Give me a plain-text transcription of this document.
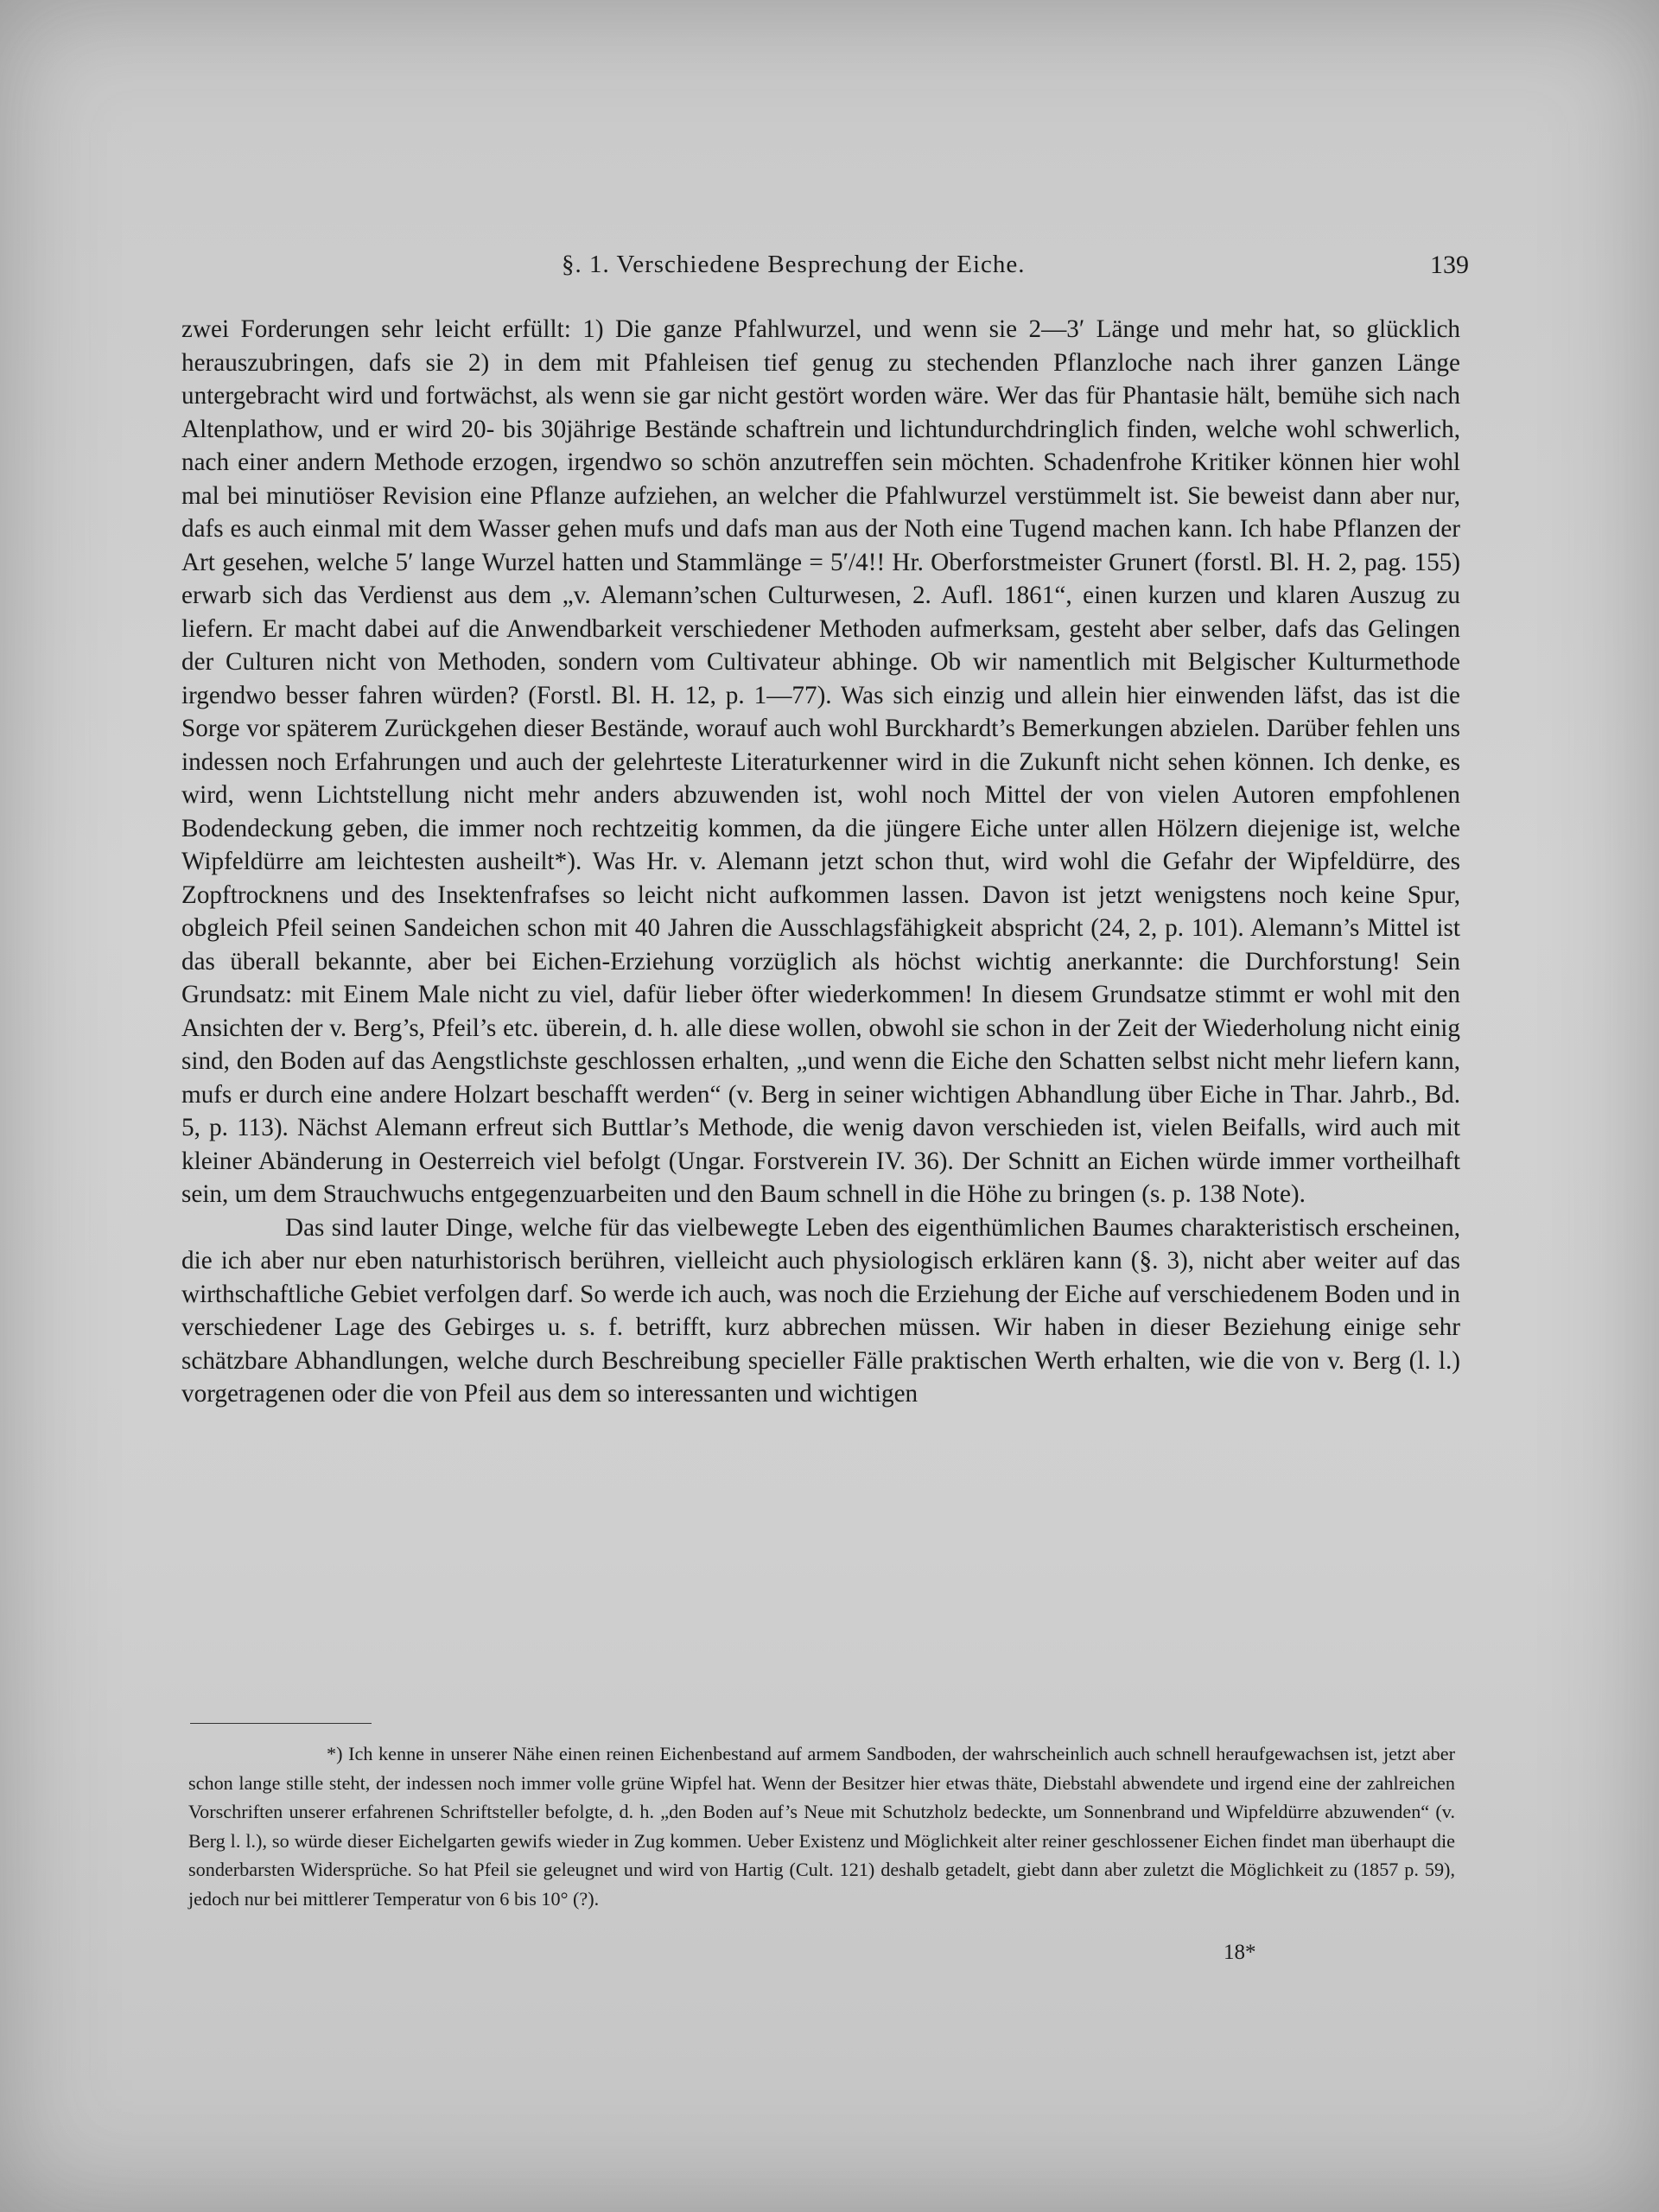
§. 1. Verschiedene Besprechung der Eiche.	139

zwei Forderungen sehr leicht erfüllt: 1) Die ganze Pfahlwurzel, und wenn sie 2—3′ Länge und mehr hat, so glücklich herauszubringen, dafs sie 2) in dem mit Pfahleisen tief genug zu stechenden Pflanzloche nach ihrer ganzen Länge untergebracht wird und fortwächst, als wenn sie gar nicht gestört worden wäre. Wer das für Phantasie hält, bemühe sich nach Altenplathow, und er wird 20- bis 30jährige Bestände schaftrein und lichtundurchdringlich finden, welche wohl schwerlich, nach einer andern Methode erzogen, irgendwo so schön anzutreffen sein möchten. Schadenfrohe Kritiker können hier wohl mal bei minutiöser Revision eine Pflanze aufziehen, an welcher die Pfahlwurzel verstümmelt ist. Sie beweist dann aber nur, dafs es auch einmal mit dem Wasser gehen mufs und dafs man aus der Noth eine Tugend machen kann. Ich habe Pflanzen der Art gesehen, welche 5′ lange Wurzel hatten und Stammlänge = 5′/4!! Hr. Oberforstmeister Grunert (forstl. Bl. H. 2, pag. 155) erwarb sich das Verdienst aus dem „v. Alemann’schen Culturwesen, 2. Aufl. 1861“, einen kurzen und klaren Auszug zu liefern. Er macht dabei auf die Anwendbarkeit verschiedener Methoden aufmerksam, gesteht aber selber, dafs das Gelingen der Culturen nicht von Methoden, sondern vom Cultivateur abhinge. Ob wir namentlich mit Belgischer Kulturmethode irgendwo besser fahren würden? (Forstl. Bl. H. 12, p. 1—77). Was sich einzig und allein hier einwenden läfst, das ist die Sorge vor späterem Zurückgehen dieser Bestände, worauf auch wohl Burckhardt’s Bemerkungen abzielen. Darüber fehlen uns indessen noch Erfahrungen und auch der gelehrteste Literaturkenner wird in die Zukunft nicht sehen können. Ich denke, es wird, wenn Lichtstellung nicht mehr anders abzuwenden ist, wohl noch Mittel der von vielen Autoren empfohlenen Bodendeckung geben, die immer noch rechtzeitig kommen, da die jüngere Eiche unter allen Hölzern diejenige ist, welche Wipfeldürre am leichtesten ausheilt*). Was Hr. v. Alemann jetzt schon thut, wird wohl die Gefahr der Wipfeldürre, des Zopftrocknens und des Insektenfrafses so leicht nicht aufkommen lassen. Davon ist jetzt wenigstens noch keine Spur, obgleich Pfeil seinen Sandeichen schon mit 40 Jahren die Ausschlagsfähigkeit abspricht (24, 2, p. 101). Alemann’s Mittel ist das überall bekannte, aber bei Eichen-Erziehung vorzüglich als höchst wichtig anerkannte: die Durchforstung! Sein Grundsatz: mit Einem Male nicht zu viel, dafür lieber öfter wiederkommen! In diesem Grundsatze stimmt er wohl mit den Ansichten der v. Berg’s, Pfeil’s etc. überein, d. h. alle diese wollen, obwohl sie schon in der Zeit der Wiederholung nicht einig sind, den Boden auf das Aengstlichste geschlossen erhalten, „und wenn die Eiche den Schatten selbst nicht mehr liefern kann, mufs er durch eine andere Holzart beschafft werden“ (v. Berg in seiner wichtigen Abhandlung über Eiche in Thar. Jahrb., Bd. 5, p. 113). Nächst Alemann erfreut sich Buttlar’s Methode, die wenig davon verschieden ist, vielen Beifalls, wird auch mit kleiner Abänderung in Oesterreich viel befolgt (Ungar. Forstverein IV. 36). Der Schnitt an Eichen würde immer vortheilhaft sein, um dem Strauchwuchs entgegenzuarbeiten und den Baum schnell in die Höhe zu bringen (s. p. 138 Note).

Das sind lauter Dinge, welche für das vielbewegte Leben des eigenthümlichen Baumes charakteristisch erscheinen, die ich aber nur eben naturhistorisch berühren, vielleicht auch physiologisch erklären kann (§. 3), nicht aber weiter auf das wirthschaftliche Gebiet verfolgen darf. So werde ich auch, was noch die Erziehung der Eiche auf verschiedenem Boden und in verschiedener Lage des Gebirges u. s. f. betrifft, kurz abbrechen müssen. Wir haben in dieser Beziehung einige sehr schätzbare Abhandlungen, welche durch Beschreibung specieller Fälle praktischen Werth erhalten, wie die von v. Berg (l. l.) vorgetragenen oder die von Pfeil aus dem so interessanten und wichtigen

*) Ich kenne in unserer Nähe einen reinen Eichenbestand auf armem Sandboden, der wahrscheinlich auch schnell heraufgewachsen ist, jetzt aber schon lange stille steht, der indessen noch immer volle grüne Wipfel hat. Wenn der Besitzer hier etwas thäte, Diebstahl abwendete und irgend eine der zahlreichen Vorschriften unserer erfahrenen Schriftsteller befolgte, d. h. „den Boden auf’s Neue mit Schutzholz bedeckte, um Sonnenbrand und Wipfeldürre abzuwenden“ (v. Berg l. l.), so würde dieser Eichelgarten gewifs wieder in Zug kommen. Ueber Existenz und Möglichkeit alter reiner geschlossener Eichen findet man überhaupt die sonderbarsten Widersprüche. So hat Pfeil sie geleugnet und wird von Hartig (Cult. 121) deshalb getadelt, giebt dann aber zuletzt die Möglichkeit zu (1857 p. 59), jedoch nur bei mittlerer Temperatur von 6 bis 10° (?).

18*
